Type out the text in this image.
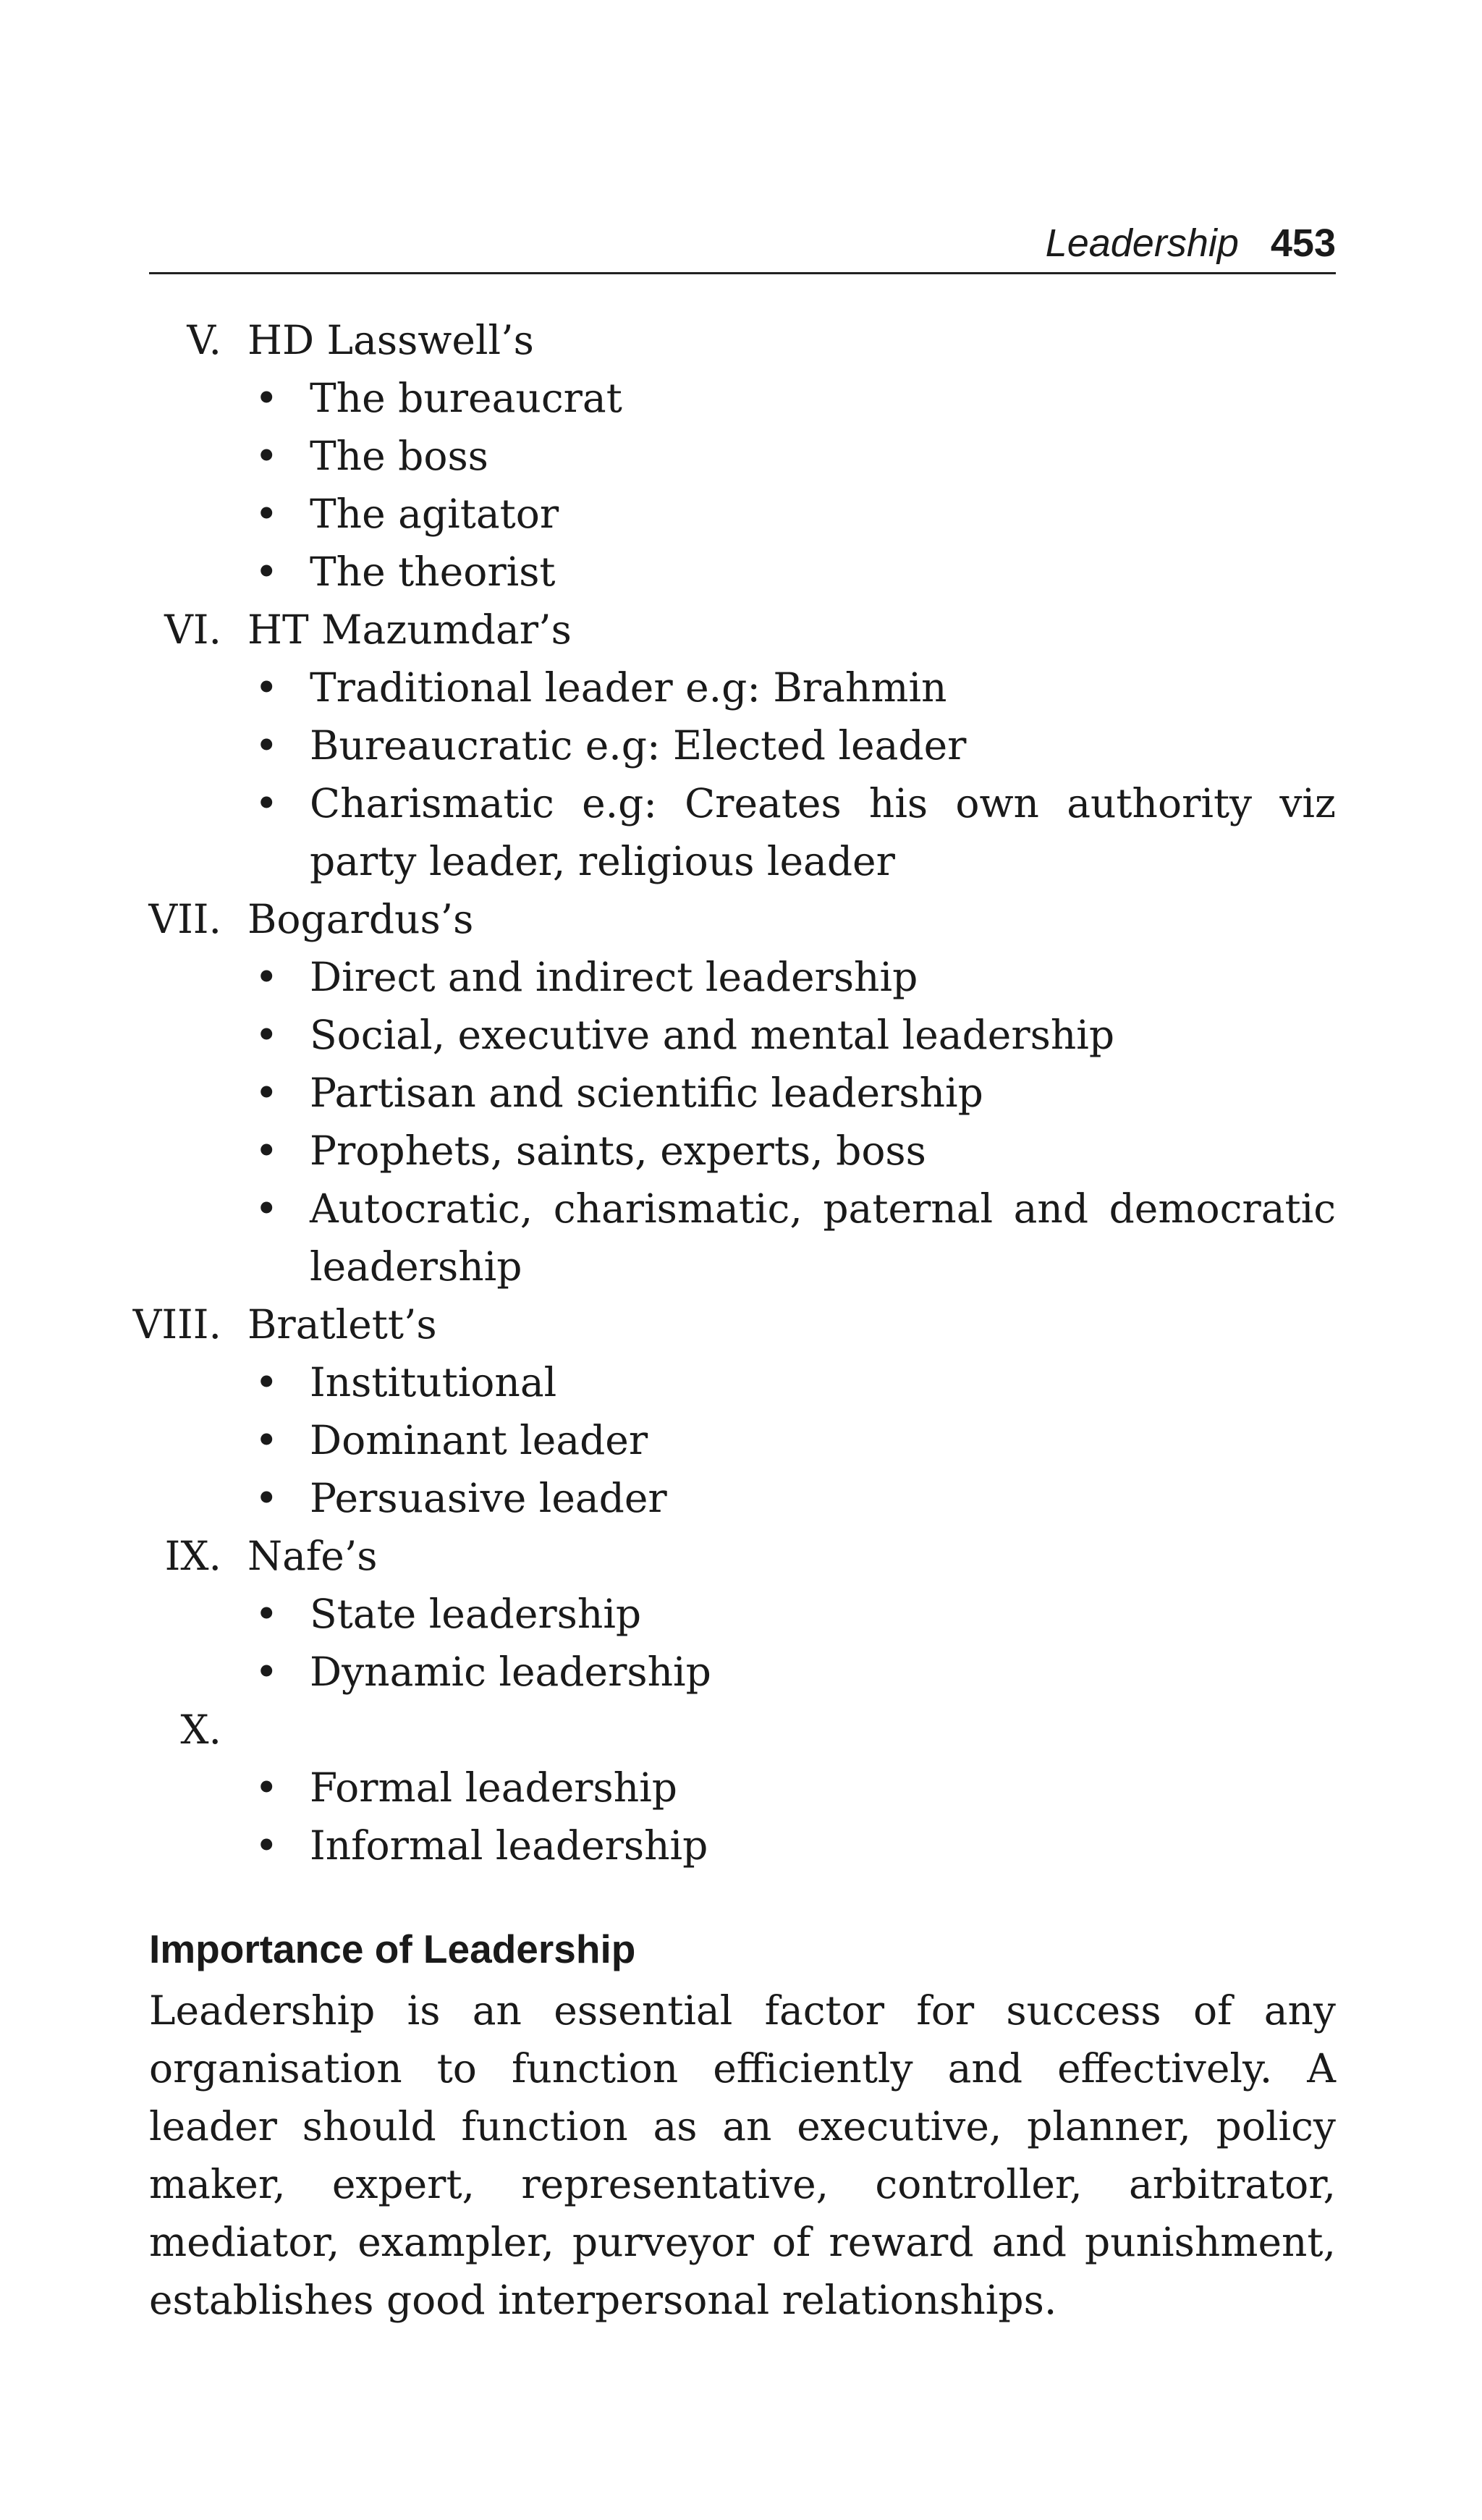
Leadership 453
V. HD Lasswell’s
• The bureaucrat
• The boss
• The agitator
• The theorist
VI. HT Mazumdar’s
• Traditional leader e.g: Brahmin
• Bureaucratic e.g: Elected leader
• Charismatic e.g: Creates his own authority viz party leader, religious leader
VII. Bogardus’s
• Direct and indirect leadership
• Social, executive and mental leadership
• Partisan and scientific leadership
• Prophets, saints, experts, boss
• Autocratic, charismatic, paternal and democratic leadership
VIII. Bratlett’s
• Institutional
• Dominant leader
• Persuasive leader
IX. Nafe’s
• State leadership
• Dynamic leadership
X.
• Formal leadership
• Informal leadership
Importance of Leadership

Leadership is an essential factor for success of any organisation to function efficiently and effectively. A leader should function as an executive, planner, policy maker, expert, representative, controller, arbitrator, mediator, exampler, purveyor of reward and punishment, establishes good interpersonal relationships.
